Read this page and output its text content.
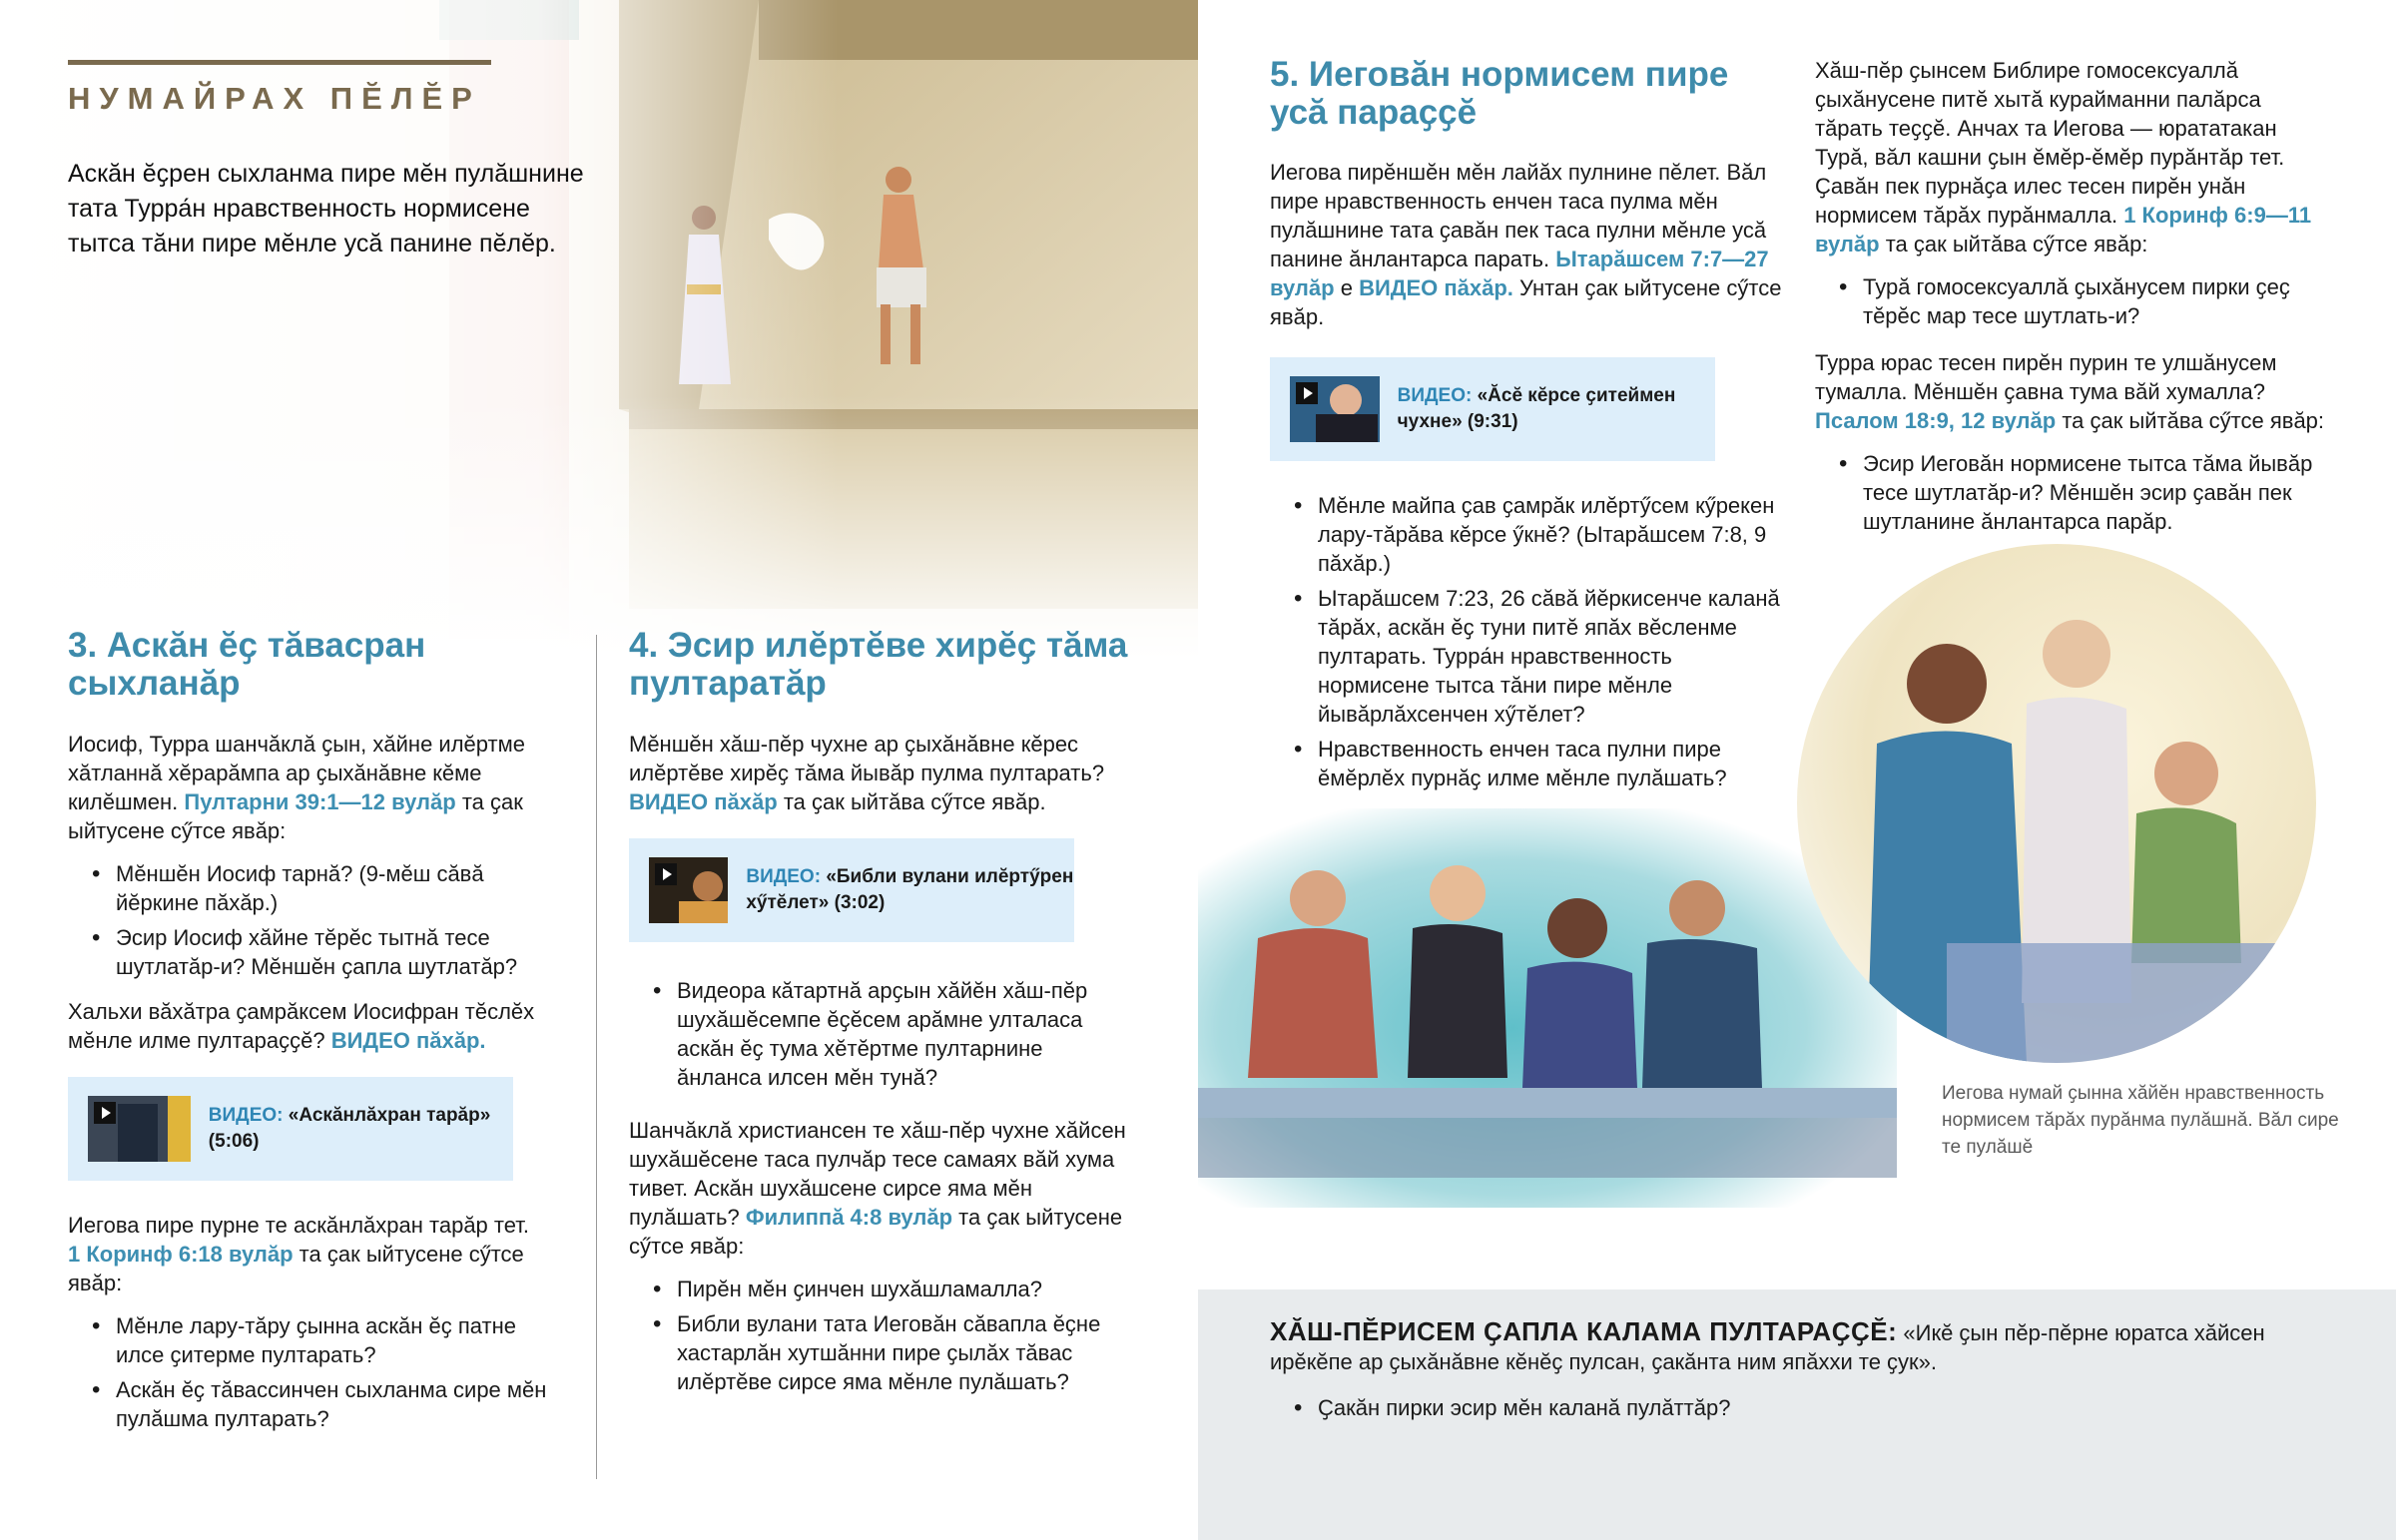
НУМАЙРАХ ПӖЛӖР
Аскӑн ӗҫрен сыхланма пире мӗн пулӑшнине тата Турра́н нравственность нормисене тытса тӑни пире мӗнле усӑ панине пӗлӗр.
3. Аскӑн ӗҫ тӑвасран сыхланӑр

Иосиф, Турра шанчӑклӑ ҫын, хӑйне илӗртме хӑтланнӑ хӗрарӑмпа ар ҫыхӑнӑвне кӗме килӗшмен. Пултарни 39:1—12 вулӑр та ҫак ыйтусене сӳтсе явӑр:

• Мӗншӗн Иосиф тарнӑ? (9-мӗш сӑвӑ йӗркине пӑхӑр.)
• Эсир Иосиф хӑйне тӗрӗс тытнӑ тесе шутлатӑр-и? Мӗншӗн ҫапла шутлатӑр?

Хальхи вӑхӑтра ҫамрӑксем Иосифран тӗслӗх мӗнле илме пултараҫҫӗ? ВИДЕО пӑхӑр.

ВИДЕО: «Аскӑнлӑхран тарӑр» (5:06)

Иегова пире пурне те аскӑнлӑхран тарӑр тет.
1 Коринф 6:18 вулӑр та ҫак ыйтусене сӳтсе явӑр:

• Мӗнле лару-тӑру ҫынна аскӑн ӗҫ патне илсе ҫитерме пултарать?
• Аскӑн ӗҫ тӑвассинчен сыхланма сире мӗн пулӑшма пултарать?
4. Эсир илӗртӗве хирӗҫ тӑма пултаратӑр

Мӗншӗн хӑш-пӗр чухне ар ҫыхӑнӑвне кӗрес илӗртӗве хирӗҫ тӑма йывӑр пулма пултарать? ВИДЕО пӑхӑр та ҫак ыйтӑва сӳтсе явӑр.

ВИДЕО: «Библи вулани илӗртӳрен хӳтӗлет» (3:02)
• Видеора кӑтартнӑ арҫын хӑйӗн хӑш-пӗр шухӑшӗсемпе ӗҫӗсем арӑмне улталаса аскӑн ӗҫ тума хӗтӗртме пултарнине ӑнланса илсен мӗн тунӑ?

Шанчӑклӑ христиансен те хӑш-пӗр чухне хӑйсен шухӑшӗсене таса пулчӑр тесе самаях вӑй хума тивет. Аскӑн шухӑшсене сирсе яма мӗн пулӑшать? Филиппӑ 4:8 вулӑр та ҫак ыйтусене сӳтсе явӑр:

• Пирӗн мӗн ҫинчен шухӑшламалла?
• Библи вулани тата Иеговӑн сӑвапла ӗҫне хастарлӑн хутшӑнни пире ҫылӑх тӑвас илӗртӗве сирсе яма мӗнле пулӑшать?
5. Иеговӑн нормисем пире усӑ параҫҫӗ

Иегова пирӗншӗн мӗн лайӑх пулнине пӗлет. Вӑл пире нравственность енчен таса пулма мӗн пулӑшнине тата ҫавӑн пек таса пулни мӗнле усӑ панине ӑнлантарса парать. Ытарӑшсем 7:7—27 вулӑр е ВИДЕО пӑхӑр. Унтан ҫак ыйтусене сӳтсе явӑр.

ВИДЕО: «Ӑсӗ кӗрсе ҫитеймен чухне» (9:31)
• Мӗнле майпа ҫав ҫамрӑк илӗртӳсем кӳрекен лару-тӑрӑва кӗрсе ӳкнӗ? (Ытарӑшсем 7:8, 9 пӑхӑр.)
• Ытарӑшсем 7:23, 26 сӑвӑ йӗркисенче каланӑ тӑрӑх, аскӑн ӗҫ туни питӗ япӑх вӗсленме пултарать. Турра́н нравственность нормисене тытса тӑни пире мӗнле йывӑрлӑхсенчен хӳтӗлет?
• Нравственность енчен таса пулни пире ӗмӗрлӗх пурнӑҫ илме мӗнле пулӑшать?

Хӑш-пӗр ҫынсем Библире гомосексуаллӑ ҫыхӑнусене питӗ хытӑ курайманни палӑрса тӑрать теҫҫӗ. Анчах та Иегова — юрататакан Турӑ, вӑл кашни ҫын ӗмӗр-ӗмӗр пурӑнтӑр тет. Ҫавӑн пек пурнӑҫа илес тесен пирӗн унӑн нормисем тӑрӑх пурӑнмалла. 1 Коринф 6:9—11 вулӑр та ҫак ыйтӑва сӳтсе явӑр:

• Турӑ гомосексуаллӑ ҫыхӑнусем пирки ҫеҫ тӗрӗс мар тесе шутлать-и?

Турра юрас тесен пирӗн пурин те улшӑнусем тумалла. Мӗншӗн ҫавна тума вӑй хумалла? Псалом 18:9, 12 вулӑр та ҫак ыйтӑва сӳтсе явӑр:

• Эсир Иеговӑн нормисене тытса тӑма йывӑр тесе шутлатӑр-и? Мӗншӗн эсир ҫавӑн пек шутланине ӑнлантарса парӑр.
Иегова нумай ҫынна хӑйӗн нравственность нормисем тӑрӑх пурӑнма пулӑшнӑ. Вӑл сире те пулӑшӗ

ХӐШ-ПӖРИСЕМ ҪАПЛА КАЛАМА ПУЛТАРАҪҪӖ: «Икӗ ҫын пӗр-пӗрне юратса хӑйсен ирӗкӗпе ар ҫыхӑнӑвне кӗнӗҫ пулсан, ҫакӑнта ним япӑххи те ҫук».

• Ҫакӑн пирки эсир мӗн каланӑ пулӑттӑр?
